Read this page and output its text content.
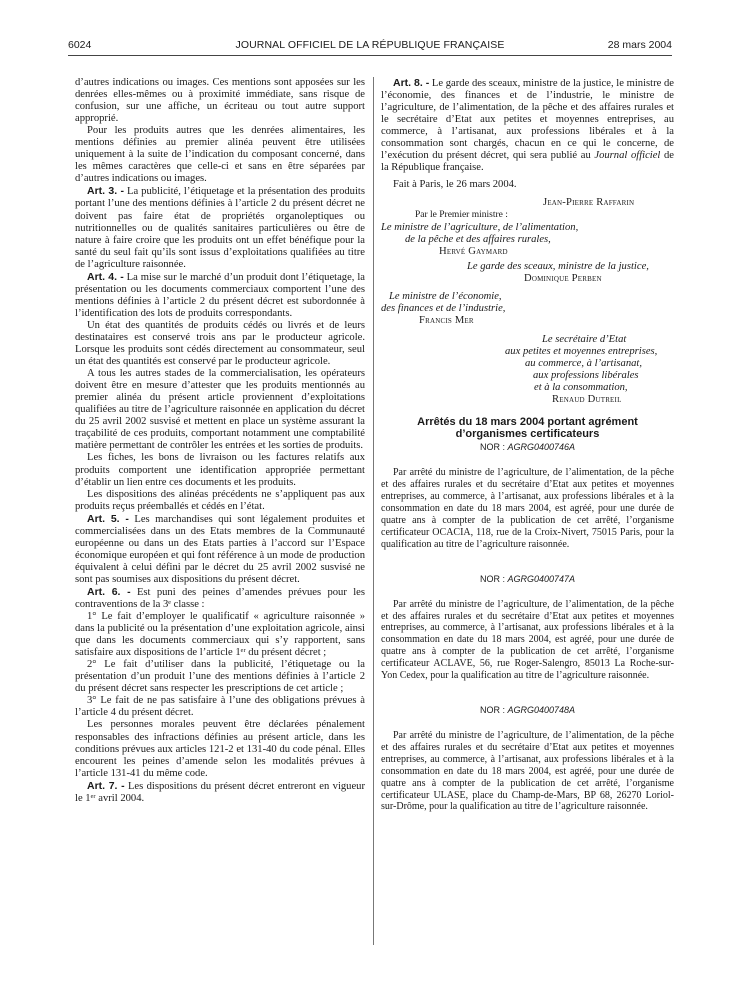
6024	JOURNAL OFFICIEL DE LA RÉPUBLIQUE FRANÇAISE	28 mars 2004

d’autres indications ou images. Ces mentions sont apposées sur les denrées elles-mêmes ou à proximité immédiate, sans risque de confusion, sur une affiche, un écriteau ou tout autre support approprié.

Pour les produits autres que les denrées alimentaires, les mentions définies au premier alinéa peuvent être utilisées uniquement à la suite de l’indication du composant concerné, dans les mêmes caractères que celle-ci et sans en être séparées par d’autres indications ou images.

Art. 3. - La publicité, l’étiquetage et la présentation des produits portant l’une des mentions définies à l’article 2 du présent décret ne doivent pas faire état de propriétés organoleptiques ou nutritionnelles ou de qualités sanitaires particulières ou être de nature à faire croire que les produits ont un effet bénéfique pour la santé du seul fait qu’ils sont issus d’exploitations qualifiées au titre de l’agriculture raisonnée.

Art. 4. - La mise sur le marché d’un produit dont l’étiquetage, la présentation ou les documents commerciaux comportent l’une des mentions définies à l’article 2 du présent décret est subordonnée à l’identification des lots de produits correspondants.

Un état des quantités de produits cédés ou livrés et de leurs destinataires est conservé trois ans par le producteur agricole. Lorsque les produits sont cédés directement au consommateur, seul un état des quantités est conservé par le producteur agricole.

A tous les autres stades de la commercialisation, les opérateurs doivent être en mesure d’attester que les produits mentionnés au premier alinéa du présent article proviennent d’exploitations qualifiées au titre de l’agriculture raisonnée en application du décret du 25 avril 2002 susvisé et mettent en place un système assurant la traçabilité de ces produits, comportant notamment une comptabilité matière permettant de contrôler les entrées et les sorties de produits.

Les fiches, les bons de livraison ou les factures relatifs aux produits comportent une identification appropriée permettant d’établir un lien entre ces documents et les produits.

Les dispositions des alinéas précédents ne s’appliquent pas aux produits reçus préemballés et cédés en l’état.

Art. 5. - Les marchandises qui sont légalement produites et commercialisées dans un des Etats membres de la Communauté européenne ou dans un des Etats parties à l’accord sur l’Espace économique européen et qui font référence à un mode de production équivalent à celui défini par le décret du 25 avril 2002 susvisé ne sont pas soumises aux dispositions du présent décret.

Art. 6. - Est puni des peines d’amendes prévues pour les contraventions de la 3ᵉ classe :

1° Le fait d’employer le qualificatif « agriculture raisonnée » dans la publicité ou la présentation d’une exploitation agricole, ainsi que dans les documents commerciaux qui s’y rapportent, sans satisfaire aux dispositions de l’article 1ᵉʳ du présent décret ;

2° Le fait d’utiliser dans la publicité, l’étiquetage ou la présentation d’un produit l’une des mentions définies à l’article 2 du présent décret sans respecter les prescriptions de cet article ;

3° Le fait de ne pas satisfaire à l’une des obligations prévues à l’article 4 du présent décret.

Les personnes morales peuvent être déclarées pénalement responsables des infractions définies au présent article, dans les conditions prévues aux articles 121-2 et 131-40 du code pénal. Elles encourent les peines d’amende selon les modalités prévues à l’article 131-41 du même code.

Art. 7. - Les dispositions du présent décret entreront en vigueur le 1ᵉʳ avril 2004.

Art. 8. - Le garde des sceaux, ministre de la justice, le ministre de l’économie, des finances et de l’industrie, le ministre de l’agriculture, de l’alimentation, de la pêche et des affaires rurales et le secrétaire d’Etat aux petites et moyennes entreprises, au commerce, à l’artisanat, aux professions libérales et à la consommation sont chargés, chacun en ce qui le concerne, de l’exécution du présent décret, qui sera publié au Journal officiel de la République française.

Fait à Paris, le 26 mars 2004.

Jean-Pierre Raffarin

Par le Premier ministre :

Le ministre de l’agriculture, de l’alimentation,

de la pêche et des affaires rurales,

Hervé Gaymard

Le garde des sceaux, ministre de la justice,

Dominique Perben

Le ministre de l’économie,

des finances et de l’industrie,

Francis Mer

Le secrétaire d’Etat

aux petites et moyennes entreprises,

au commerce, à l’artisanat,

aux professions libérales

et à la consommation,

Renaud Dutreil

Arrêtés du 18 mars 2004 portant agrément d’organismes certificateurs

NOR : AGRG0400746A

Par arrêté du ministre de l’agriculture, de l’alimentation, de la pêche et des affaires rurales et du secrétaire d’Etat aux petites et moyennes entreprises, au commerce, à l’artisanat, aux professions libérales et à la consommation en date du 18 mars 2004, est agréé, pour une durée de quatre ans à compter de la publication de cet arrêté, l’organisme certificateur OCACIA, 118, rue de la Croix-Nivert, 75015 Paris, pour la qualification au titre de l’agriculture raisonnée.

NOR : AGRG0400747A

Par arrêté du ministre de l’agriculture, de l’alimentation, de la pêche et des affaires rurales et du secrétaire d’Etat aux petites et moyennes entreprises, au commerce, à l’artisanat, aux professions libérales et à la consommation en date du 18 mars 2004, est agréé, pour une durée de quatre ans à compter de la publication de cet arrêté, l’organisme certificateur ACLAVE, 56, rue Roger-Salengro, 85013 La Roche-sur-Yon Cedex, pour la qualification au titre de l’agriculture raisonnée.

NOR : AGRG0400748A

Par arrêté du ministre de l’agriculture, de l’alimentation, de la pêche et des affaires rurales et du secrétaire d’Etat aux petites et moyennes entreprises, au commerce, à l’artisanat, aux professions libérales et à la consommation en date du 18 mars 2004, est agréé, pour une durée de quatre ans à compter de la publication de cet arrêté, l’organisme certificateur ULASE, place du Champ-de-Mars, BP 68, 26270 Loriol-sur-Drôme, pour la qualification au titre de l’agriculture raisonnée.
